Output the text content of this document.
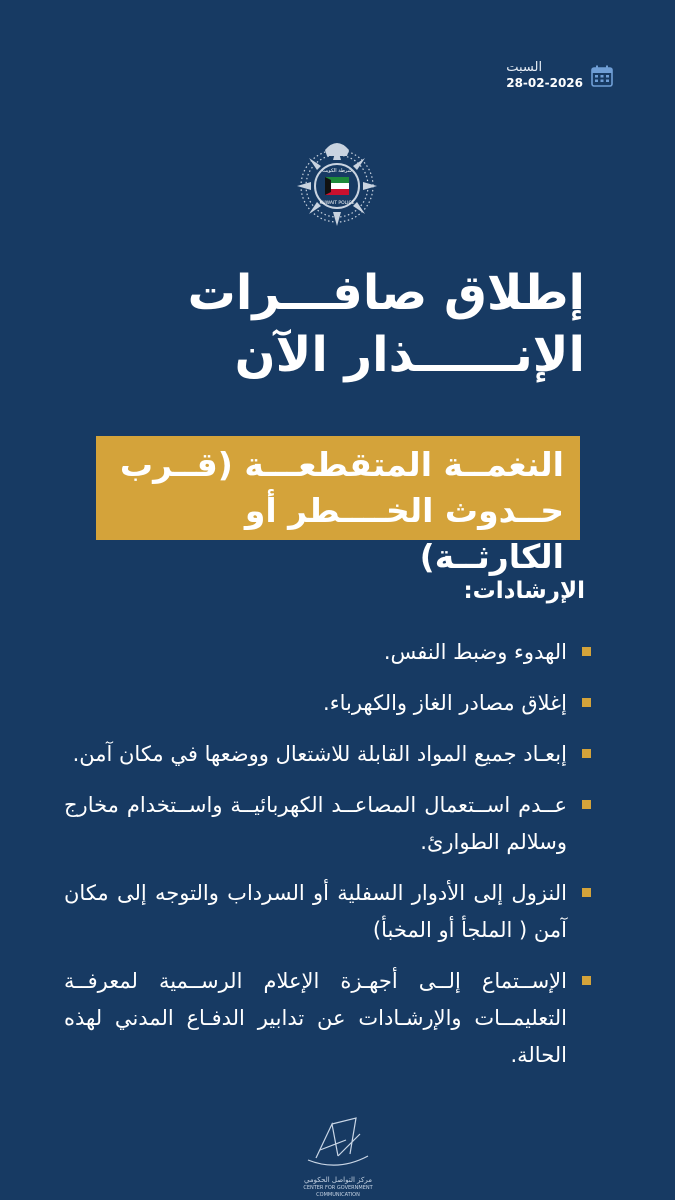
السبت
28-02-2026
شرطة الكويت
KUWAIT POLICE
إطلاق صافـــرات
الإنــــــذار الآن
النغمــة المتقطعـــة (قــرب
حــدوث الخــــطر أو الكارثــة)
الإرشادات:
الهدوء وضبط النفس.
إغلاق مصادر الغاز والكهرباء.
إبعـاد جميع المواد القابلة للاشتعال ووضعها في مكان آمن.
عــدم اســتعمال المصاعــد الكهربائيــة واســتخدام مخارج وسلالم الطوارئ.
النزول إلى الأدوار السفلية أو السرداب والتوجه إلى مكان آمن ( الملجأ أو المخبأ)
الإســتماع إلــى أجهـزة الإعلام الرســمية لمعرفــة التعليمــات والإرشـادات عن تدابير الدفـاع المدني لهذه الحالة.
مركز التواصل الحكومي
CENTER FOR GOVERNMENT COMMUNICATION
